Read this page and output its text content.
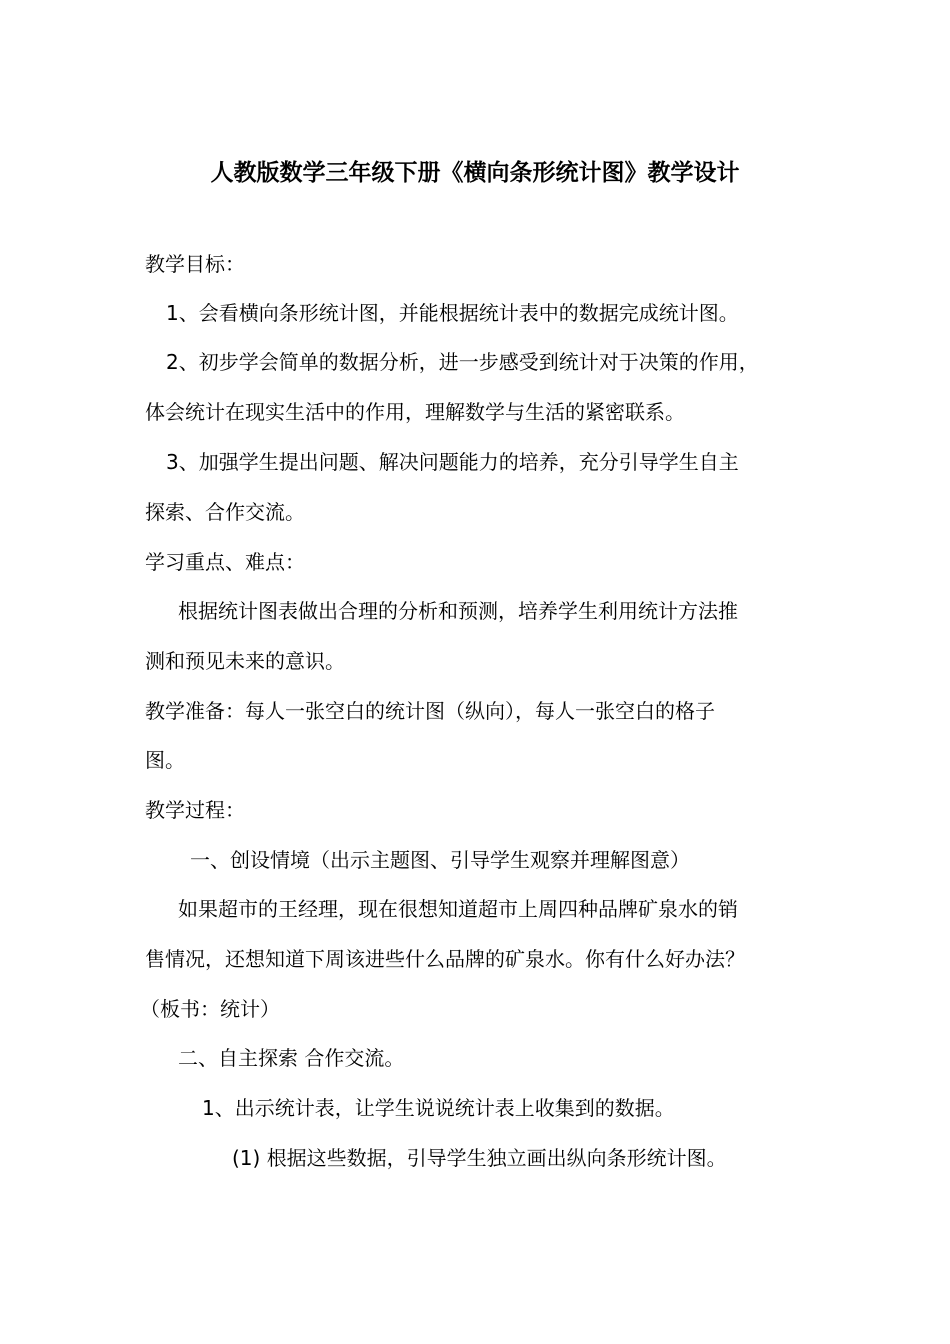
人教版数学三年级下册《横向条形统计图》教学设计
教学目标：
1、会看横向条形统计图，并能根据统计表中的数据完成统计图。
2、初步学会简单的数据分析，进一步感受到统计对于决策的作用，
体会统计在现实生活中的作用，理解数学与生活的紧密联系。
3、加强学生提出问题、解决问题能力的培养，充分引导学生自主
探索、合作交流。
学习重点、难点：
根据统计图表做出合理的分析和预测，培养学生利用统计方法推
测和预见未来的意识。
教学准备：每人一张空白的统计图（纵向），每人一张空白的格子
图。
教学过程：
一、创设情境（出示主题图、引导学生观察并理解图意）
如果超市的王经理，现在很想知道超市上周四种品牌矿泉水的销
售情况，还想知道下周该进些什么品牌的矿泉水。你有什么好办法？
（板书：统计）
二、自主探索 合作交流。
1、出示统计表，让学生说说统计表上收集到的数据。
(1) 根据这些数据，引导学生独立画出纵向条形统计图。
